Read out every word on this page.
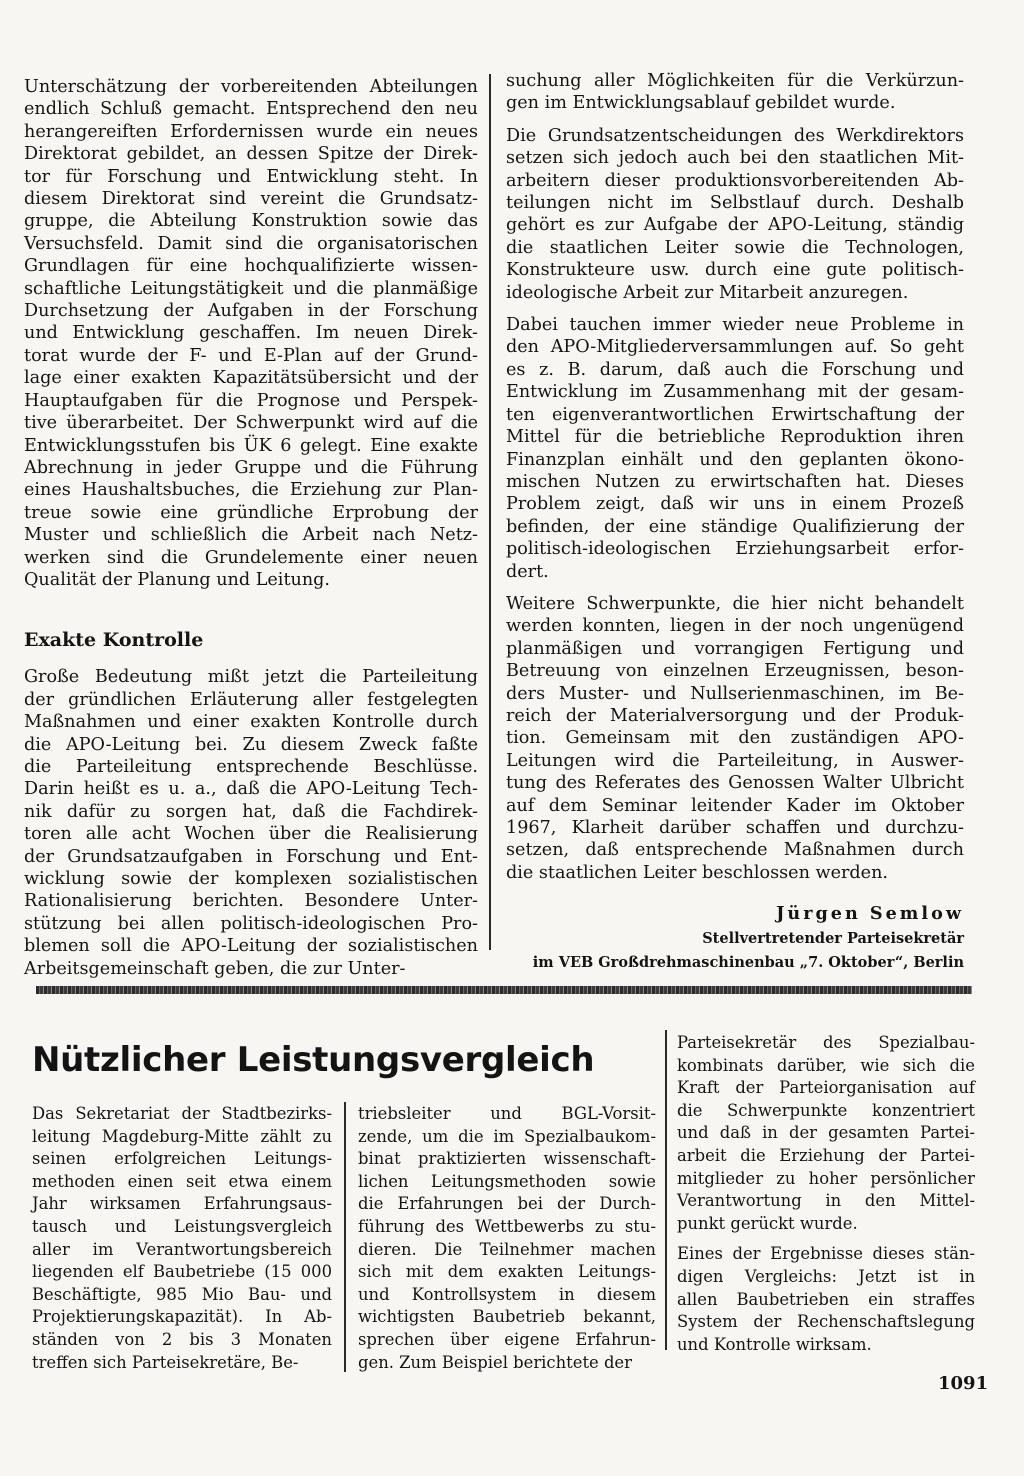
Unterschätzung der vorbereitenden Abteilungen
endlich Schluß gemacht. Entsprechend den neu
herangereiften Erfordernissen wurde ein neues
Direktorat gebildet, an dessen Spitze der Direk-
tor für Forschung und Entwicklung steht. In
diesem Direktorat sind vereint die Grundsatz-
gruppe, die Abteilung Konstruktion sowie das
Versuchsfeld. Damit sind die organisatorischen
Grundlagen für eine hochqualifizierte wissen-
schaftliche Leitungstätigkeit und die planmäßige
Durchsetzung der Aufgaben in der Forschung
und Entwicklung geschaffen. Im neuen Direk-
torat wurde der F- und E-Plan auf der Grund-
lage einer exakten Kapazitätsübersicht und der
Hauptaufgaben für die Prognose und Perspek-
tive überarbeitet. Der Schwerpunkt wird auf die
Entwicklungsstufen bis ÜK 6 gelegt. Eine exakte
Abrechnung in jeder Gruppe und die Führung
eines Haushaltsbuches, die Erziehung zur Plan-
treue sowie eine gründliche Erprobung der
Muster und schließlich die Arbeit nach Netz-
werken sind die Grundelemente einer neuen
Qualität der Planung und Leitung.

Exakte Kontrolle

Große Bedeutung mißt jetzt die Parteileitung
der gründlichen Erläuterung aller festgelegten
Maßnahmen und einer exakten Kontrolle durch
die APO-Leitung bei. Zu diesem Zweck faßte
die Parteileitung entsprechende Beschlüsse.
Darin heißt es u. a., daß die APO-Leitung Tech-
nik dafür zu sorgen hat, daß die Fachdirek-
toren alle acht Wochen über die Realisierung
der Grundsatzaufgaben in Forschung und Ent-
wicklung sowie der komplexen sozialistischen
Rationalisierung berichten. Besondere Unter-
stützung bei allen politisch-ideologischen Pro-
blemen soll die APO-Leitung der sozialistischen
Arbeitsgemeinschaft geben, die zur Unter-

suchung aller Möglichkeiten für die Verkürzun-
gen im Entwicklungsablauf gebildet wurde.

Die Grundsatzentscheidungen des Werkdirektors
setzen sich jedoch auch bei den staatlichen Mit-
arbeitern dieser produktionsvorbereitenden Ab-
teilungen nicht im Selbstlauf durch. Deshalb
gehört es zur Aufgabe der APO-Leitung, ständig
die staatlichen Leiter sowie die Technologen,
Konstrukteure usw. durch eine gute politisch-
ideologische Arbeit zur Mitarbeit anzuregen.

Dabei tauchen immer wieder neue Probleme in
den APO-Mitgliederversammlungen auf. So geht
es z. B. darum, daß auch die Forschung und
Entwicklung im Zusammenhang mit der gesam-
ten eigenverantwortlichen Erwirtschaftung der
Mittel für die betriebliche Reproduktion ihren
Finanzplan einhält und den geplanten ökono-
mischen Nutzen zu erwirtschaften hat. Dieses
Problem zeigt, daß wir uns in einem Prozeß
befinden, der eine ständige Qualifizierung der
politisch-ideologischen Erziehungsarbeit erfor-
dert.

Weitere Schwerpunkte, die hier nicht behandelt
werden konnten, liegen in der noch ungenügend
planmäßigen und vorrangigen Fertigung und
Betreuung von einzelnen Erzeugnissen, beson-
ders Muster- und Nullserienmaschinen, im Be-
reich der Materialversorgung und der Produk-
tion. Gemeinsam mit den zuständigen APO-
Leitungen wird die Parteileitung, in Auswer-
tung des Referates des Genossen Walter Ulbricht
auf dem Seminar leitender Kader im Oktober
1967, Klarheit darüber schaffen und durchzu-
setzen, daß entsprechende Maßnahmen durch
die staatlichen Leiter beschlossen werden.

Jürgen Semlow

Stellvertretender Parteisekretär

im VEB Großdrehmaschinenbau „7. Oktober“, Berlin

Nützlicher Leistungsvergleich

Das Sekretariat der Stadtbezirks-
leitung Magdeburg-Mitte zählt zu
seinen erfolgreichen Leitungs-
methoden einen seit etwa einem
Jahr wirksamen Erfahrungsaus-
tausch und Leistungsvergleich
aller im Verantwortungsbereich
liegenden elf Baubetriebe (15 000
Beschäftigte, 985 Mio Bau- und
Projektierungskapazität). In Ab-
ständen von 2 bis 3 Monaten
treffen sich Parteisekretäre, Be-

triebsleiter und BGL-Vorsit-
zende, um die im Spezialbaukom-
binat praktizierten wissenschaft-
lichen Leitungsmethoden sowie
die Erfahrungen bei der Durch-
führung des Wettbewerbs zu stu-
dieren. Die Teilnehmer machen
sich mit dem exakten Leitungs-
und Kontrollsystem in diesem
wichtigsten Baubetrieb bekannt,
sprechen über eigene Erfahrun-
gen. Zum Beispiel berichtete der

Parteisekretär des Spezialbau-
kombinats darüber, wie sich die
Kraft der Parteiorganisation auf
die Schwerpunkte konzentriert
und daß in der gesamten Partei-
arbeit die Erziehung der Partei-
mitglieder zu hoher persönlicher
Verantwortung in den Mittel-
punkt gerückt wurde.

Eines der Ergebnisse dieses stän-
digen Vergleichs: Jetzt ist in
allen Baubetrieben ein straffes
System der Rechenschaftslegung
und Kontrolle wirksam.

1091
